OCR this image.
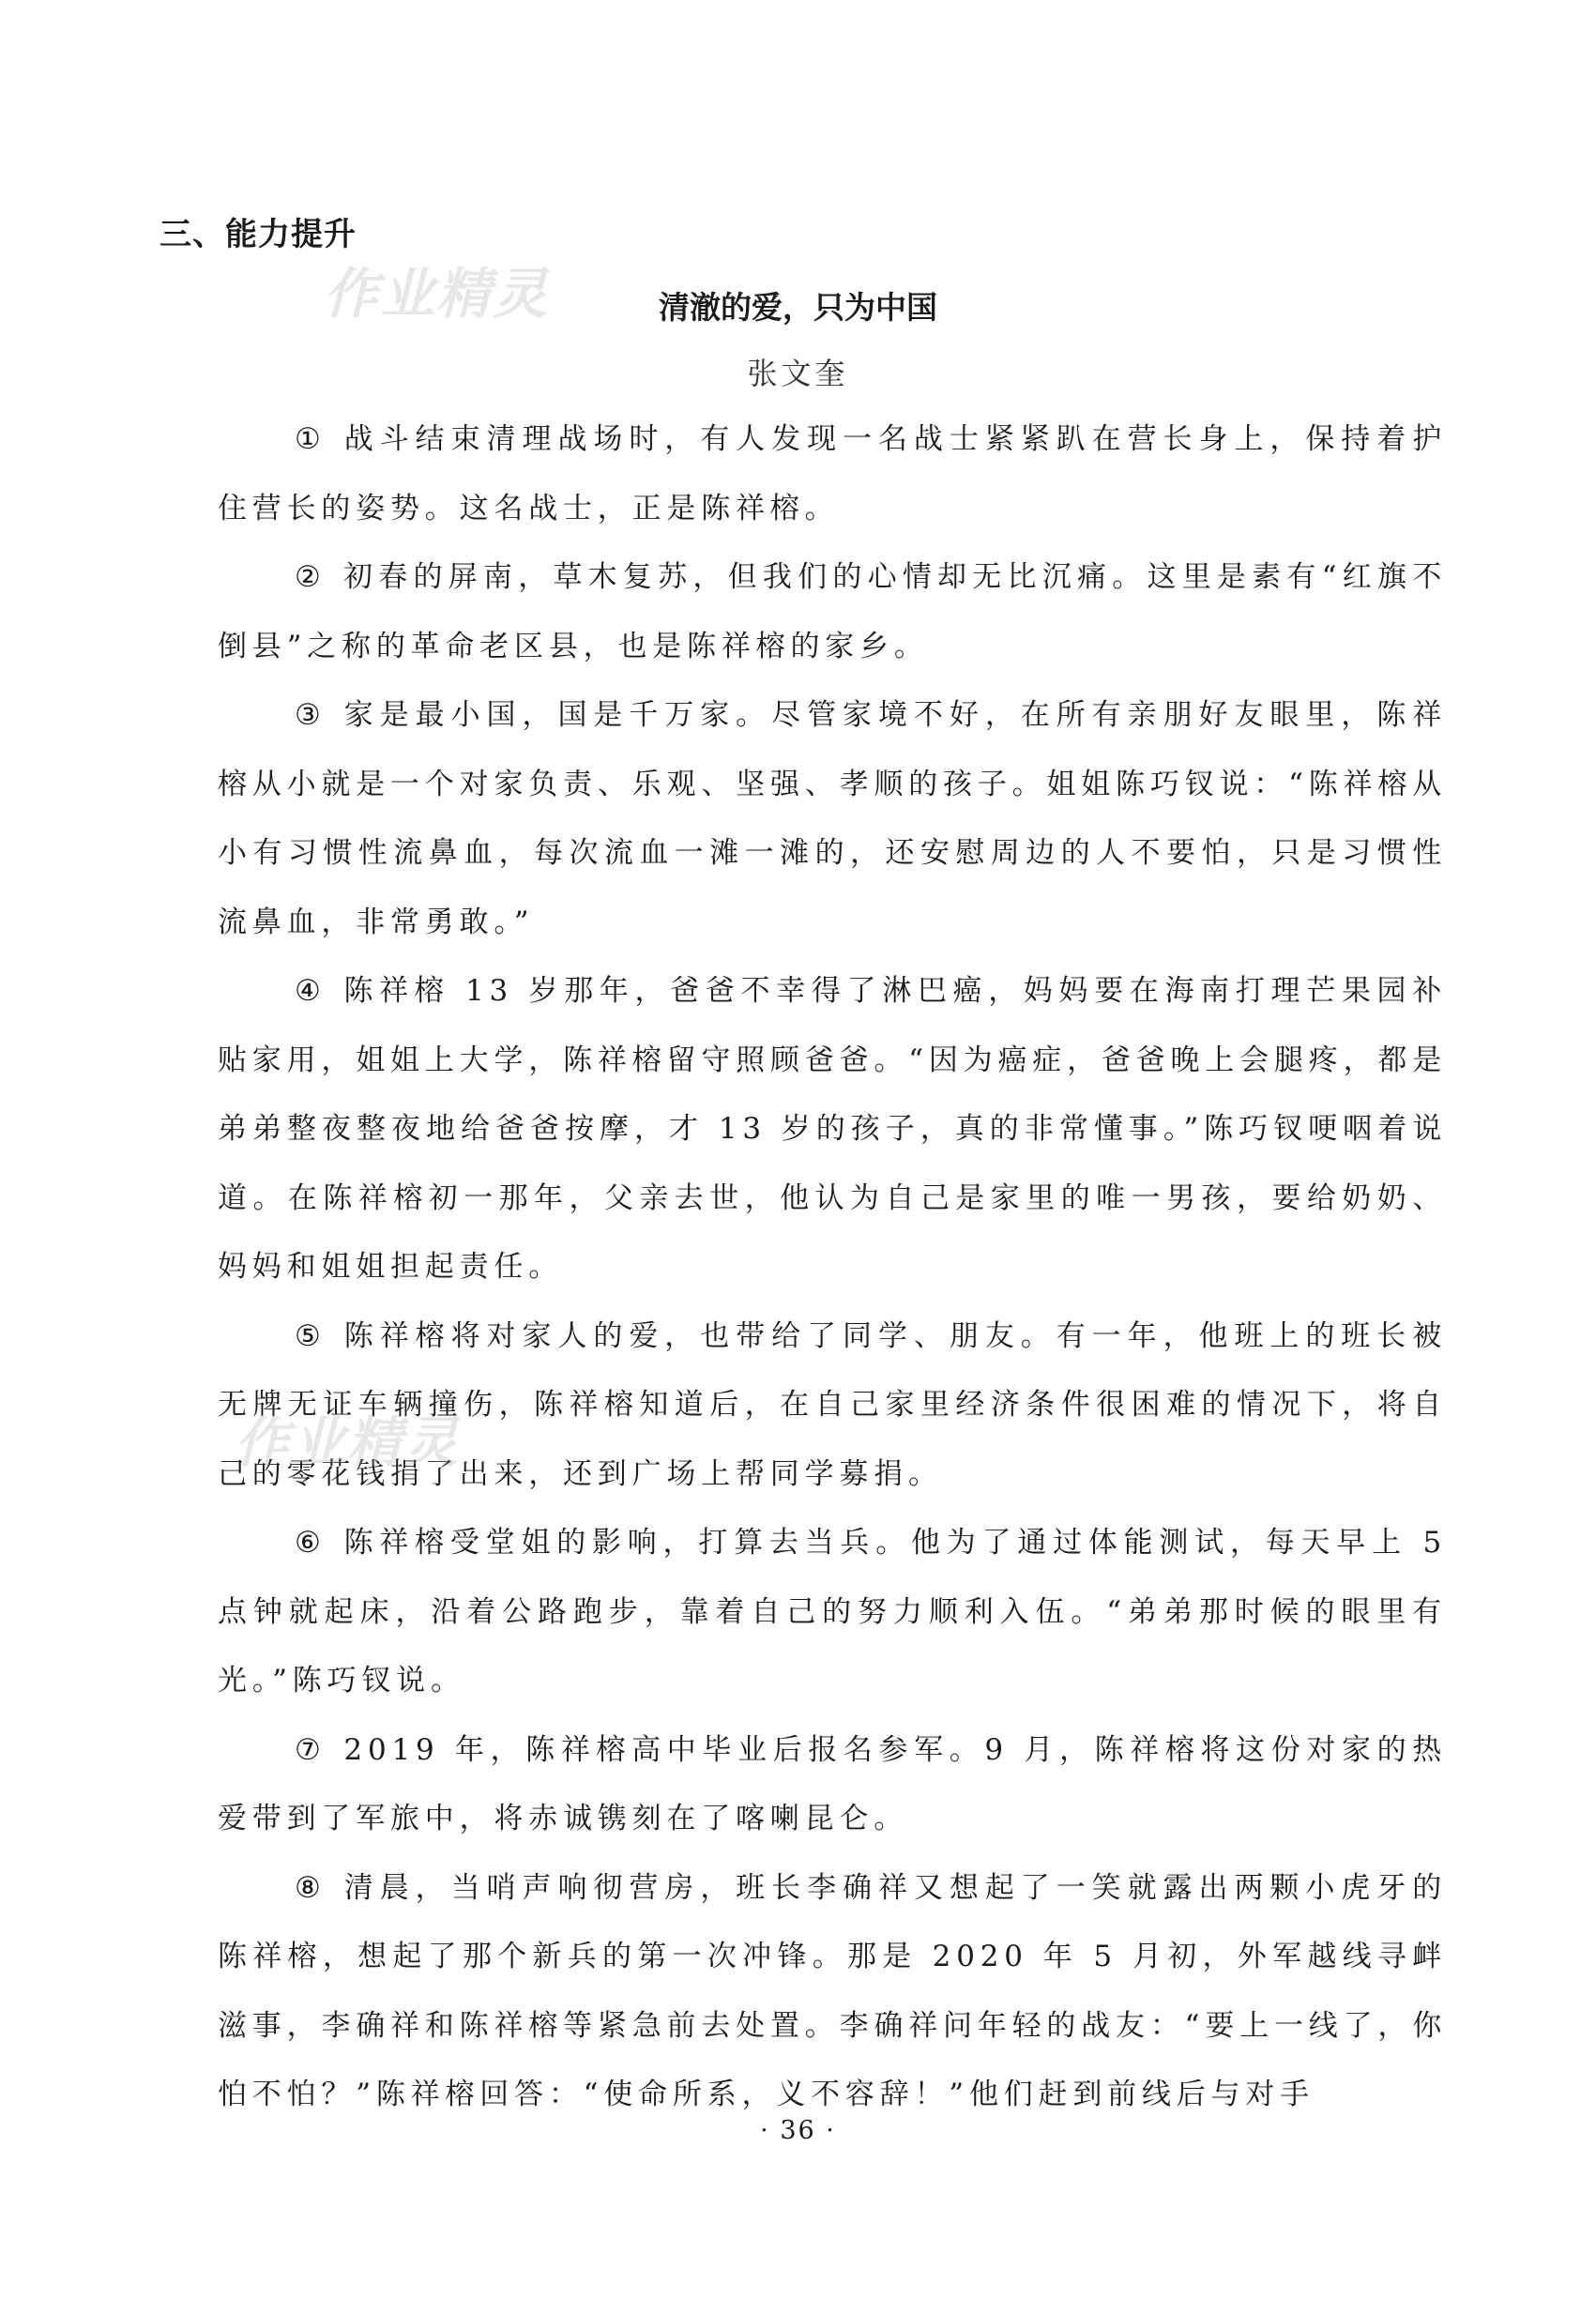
三、能力提升
作业精灵	清澈的爱，只为中国
张文奎

① 战斗结束清理战场时，有人发现一名战士紧紧趴在营长身上，保持着护住营长的姿势。这名战士，正是陈祥榕。

② 初春的屏南，草木复苏，但我们的心情却无比沉痛。这里是素有“红旗不倒县”之称的革命老区县，也是陈祥榕的家乡。

③ 家是最小国，国是千万家。尽管家境不好，在所有亲朋好友眼里，陈祥榕从小就是一个对家负责、乐观、坚强、孝顺的孩子。姐姐陈巧钗说：“陈祥榕从小有习惯性流鼻血，每次流血一滩一滩的，还安慰周边的人不要怕，只是习惯性流鼻血，非常勇敢。”

④ 陈祥榕 13 岁那年，爸爸不幸得了淋巴癌，妈妈要在海南打理芒果园补贴家用，姐姐上大学，陈祥榕留守照顾爸爸。“因为癌症，爸爸晚上会腿疼，都是弟弟整夜整夜地给爸爸按摩，才 13 岁的孩子，真的非常懂事。”陈巧钗哽咽着说道。在陈祥榕初一那年，父亲去世，他认为自己是家里的唯一男孩，要给奶奶、妈妈和姐姐担起责任。

⑤ 陈祥榕将对家人的爱，也带给了同学、朋友。有一年，他班上的班长被无牌无证车辆撞伤，陈祥榕知道后，在自己家里经济条件很困难的情况下，将自己的零花钱捐了出来，还到广场上帮同学募捐。

⑥ 陈祥榕受堂姐的影响，打算去当兵。他为了通过体能测试，每天早上 5 点钟就起床，沿着公路跑步，靠着自己的努力顺利入伍。“弟弟那时候的眼里有光。”陈巧钗说。

⑦ 2019 年，陈祥榕高中毕业后报名参军。9 月，陈祥榕将这份对家的热爱带到了军旅中，将赤诚镌刻在了喀喇昆仑。

⑧ 清晨，当哨声响彻营房，班长李确祥又想起了一笑就露出两颗小虎牙的陈祥榕，想起了那个新兵的第一次冲锋。那是 2020 年 5 月初，外军越线寻衅滋事，李确祥和陈祥榕等紧急前去处置。李确祥问年轻的战友：“要上一线了，你怕不怕？”陈祥榕回答：“使命所系，义不容辞！”他们赶到前线后与对手

作业精灵
· 36 ·
